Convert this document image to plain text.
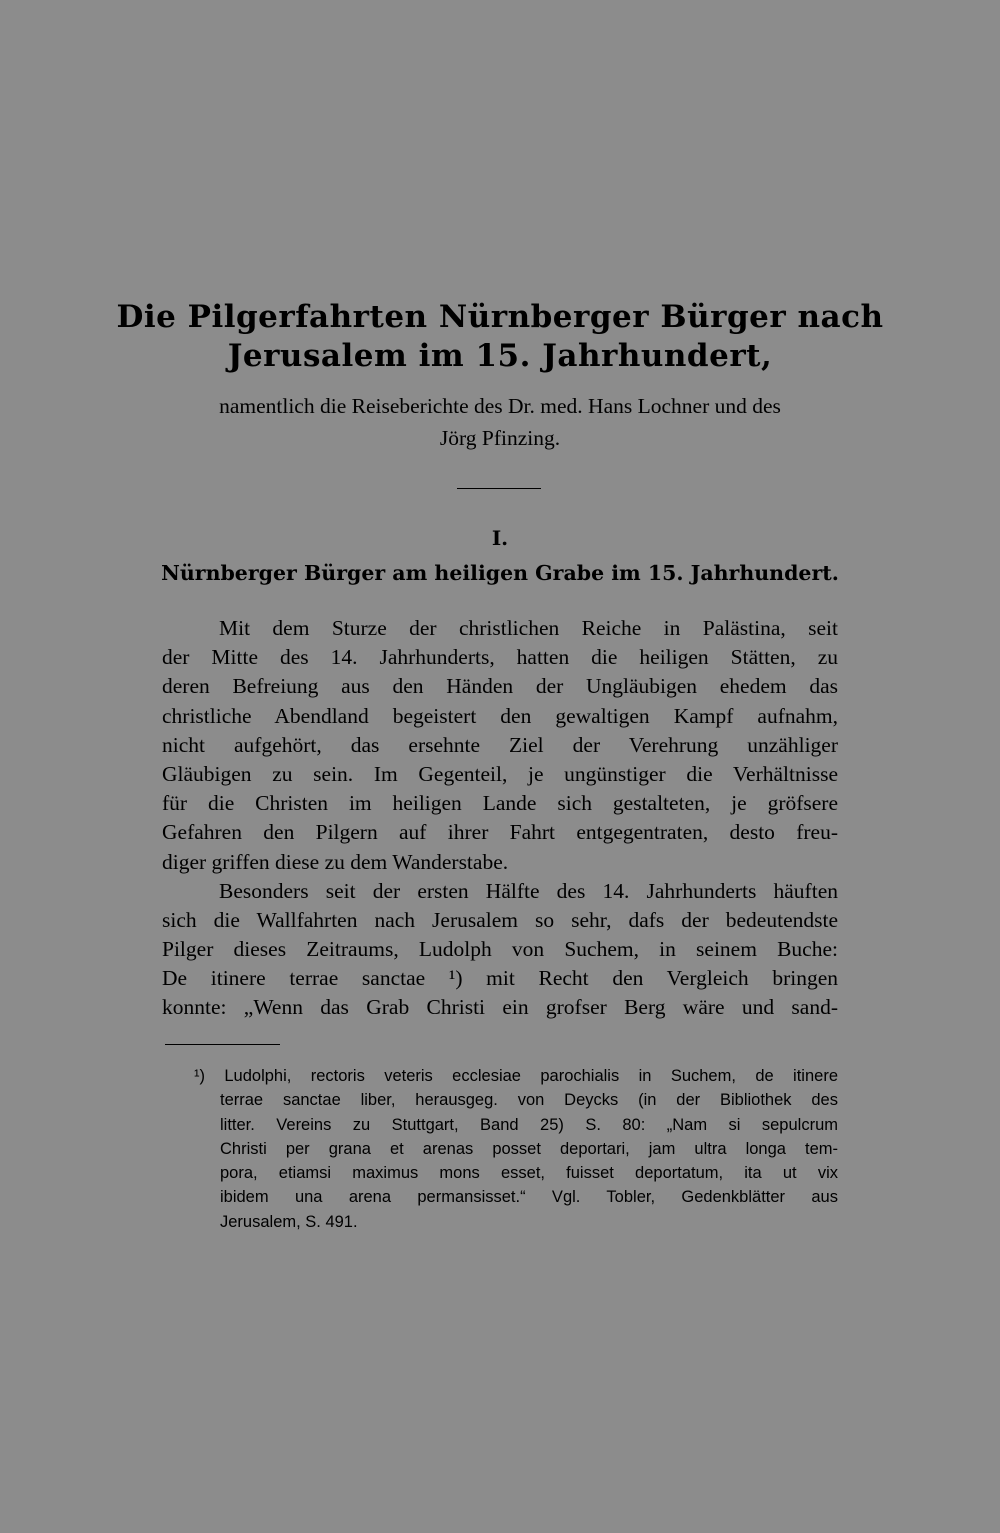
Die Pilgerfahrten Nürnberger Bürger nach
Jerusalem im 15. Jahrhundert,
namentlich die Reiseberichte des Dr. med. Hans Lochner und des
Jörg Pfinzing.
I.
Nürnberger Bürger am heiligen Grabe im 15. Jahrhundert.
Mit dem Sturze der christlichen Reiche in Palästina, seit
der Mitte des 14. Jahrhunderts, hatten die heiligen Stätten, zu
deren Befreiung aus den Händen der Ungläubigen ehedem das
christliche Abendland begeistert den gewaltigen Kampf aufnahm,
nicht aufgehört, das ersehnte Ziel der Verehrung unzähliger
Gläubigen zu sein. Im Gegenteil, je ungünstiger die Verhältnisse
für die Christen im heiligen Lande sich gestalteten, je gröfsere
Gefahren den Pilgern auf ihrer Fahrt entgegentraten, desto freu-
diger griffen diese zu dem Wanderstabe.
Besonders seit der ersten Hälfte des 14. Jahrhunderts häuften
sich die Wallfahrten nach Jerusalem so sehr, dafs der bedeutendste
Pilger dieses Zeitraums, Ludolph von Suchem, in seinem Buche:
De itinere terrae sanctae ¹) mit Recht den Vergleich bringen
konnte: „Wenn das Grab Christi ein grofser Berg wäre und sand-
¹) Ludolphi, rectoris veteris ecclesiae parochialis in Suchem, de itinere
terrae sanctae liber, herausgeg. von Deycks (in der Bibliothek des
litter. Vereins zu Stuttgart, Band 25) S. 80: „Nam si sepulcrum
Christi per grana et arenas posset deportari, jam ultra longa tem-
pora, etiamsi maximus mons esset, fuisset deportatum, ita ut vix
ibidem una arena permansisset.“ Vgl. Tobler, Gedenkblätter aus
Jerusalem, S. 491.
